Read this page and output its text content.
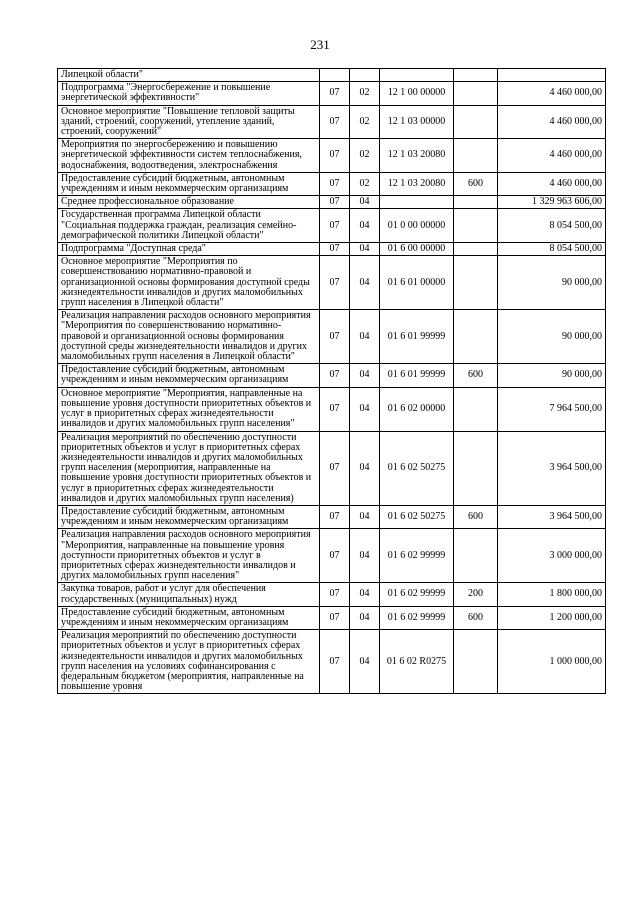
231
Липецкой области"					
Подпрограмма "Энергосбережение и повышение энергетической эффективности"	07	02	12 1 00 00000		4 460 000,00
Основное мероприятие "Повышение тепловой защиты зданий, строений, сооружений, утепление зданий, строений, сооружений"	07	02	12 1 03 00000		4 460 000,00
Мероприятия по энергосбережению и повышению энергетической эффективности систем теплоснабжения, водоснабжения, водоотведения, электроснабжения	07	02	12 1 03 20080		4 460 000,00
Предоставление субсидий бюджетным, автономным учреждениям и иным некоммерческим организациям	07	02	12 1 03 20080	600	4 460 000,00
Среднее профессиональное образование	07	04			1 329 963 606,00
Государственная программа Липецкой области "Социальная поддержка граждан, реализация семейно-демографической политики Липецкой области"	07	04	01 0 00 00000		8 054 500,00
Подпрограмма "Доступная среда"	07	04	01 6 00 00000		8 054 500,00
Основное мероприятие "Мероприятия по совершенствованию нормативно-правовой и организационной основы формирования доступной среды жизнедеятельности инвалидов и других маломобильных групп населения в Липецкой области"	07	04	01 6 01 00000		90 000,00
Реализация направления расходов основного мероприятия "Мероприятия по совершенствованию нормативно-правовой и организационной основы формирования доступной среды жизнедеятельности инвалидов и других маломобильных групп населения в Липецкой области"	07	04	01 6 01 99999		90 000,00
Предоставление субсидий бюджетным, автономным учреждениям и иным некоммерческим организациям	07	04	01 6 01 99999	600	90 000,00
Основное мероприятие "Мероприятия, направленные на повышение уровня доступности приоритетных объектов и услуг в приоритетных сферах жизнедеятельности инвалидов и других маломобильных групп населения"	07	04	01 6 02 00000		7 964 500,00
Реализация мероприятий по обеспечению доступности приоритетных объектов и услуг в приоритетных сферах жизнедеятельности инвалидов и других маломобильных групп населения (мероприятия, направленные на повышение уровня доступности приоритетных объектов и услуг в приоритетных сферах жизнедеятельности инвалидов и других маломобильных групп населения)	07	04	01 6 02 50275		3 964 500,00
Предоставление субсидий бюджетным, автономным учреждениям и иным некоммерческим организациям	07	04	01 6 02 50275	600	3 964 500,00
Реализация направления расходов основного мероприятия "Мероприятия, направленные на повышение уровня доступности приоритетных объектов и услуг в приоритетных сферах жизнедеятельности инвалидов и других маломобильных групп населения"	07	04	01 6 02 99999		3 000 000,00
Закупка товаров, работ и услуг для обеспечения государственных (муниципальных) нужд	07	04	01 6 02 99999	200	1 800 000,00
Предоставление субсидий бюджетным, автономным учреждениям и иным некоммерческим организациям	07	04	01 6 02 99999	600	1 200 000,00
Реализация мероприятий по обеспечению доступности приоритетных объектов и услуг в приоритетных сферах жизнедеятельности инвалидов и других маломобильных групп населения на условиях софинансирования с федеральным бюджетом (мероприятия, направленные на повышение уровня	07	04	01 6 02 R0275		1 000 000,00
